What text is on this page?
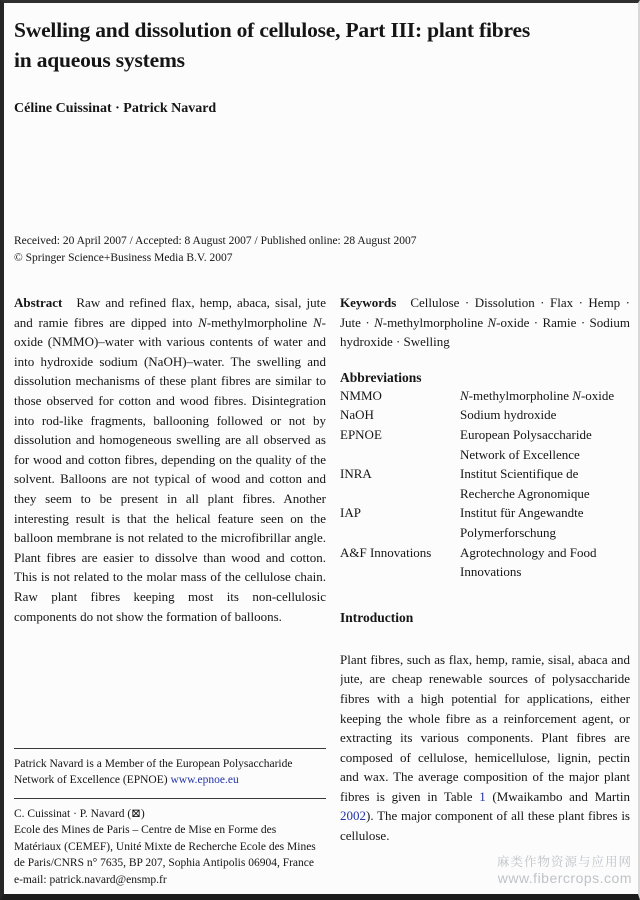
Swelling and dissolution of cellulose, Part III: plant fibres
in aqueous systems
Céline Cuissinat · Patrick Navard
Received: 20 April 2007 / Accepted: 8 August 2007 / Published online: 28 August 2007
© Springer Science+Business Media B.V. 2007

Abstract Raw and refined flax, hemp, abaca, sisal, jute and ramie fibres are dipped into N-methylmorpholine N-oxide (NMMO)–water with various contents of water and into hydroxide sodium (NaOH)–water. The swelling and dissolution mechanisms of these plant fibres are similar to those observed for cotton and wood fibres. Disintegration into rod-like fragments, ballooning followed or not by dissolution and homogeneous swelling are all observed as for wood and cotton fibres, depending on the quality of the solvent. Balloons are not typical of wood and cotton and they seem to be present in all plant fibres. Another interesting result is that the helical feature seen on the balloon membrane is not related to the microfibrillar angle. Plant fibres are easier to dissolve than wood and cotton. This is not related to the molar mass of the cellulose chain. Raw plant fibres keeping most its non-cellulosic components do not show the formation of balloons.

Patrick Navard is a Member of the European Polysaccharide Network of Excellence (EPNOE) www.epnoe.eu

C. Cuissinat · P. Navard (⊠)

Ecole des Mines de Paris – Centre de Mise en Forme des Matériaux (CEMEF), Unité Mixte de Recherche Ecole des Mines de Paris/CNRS n° 7635, BP 207, Sophia Antipolis 06904, France

e-mail: patrick.navard@ensmp.fr

Keywords Cellulose · Dissolution · Flax · Hemp · Jute · N-methylmorpholine N-oxide · Ramie · Sodium hydroxide · Swelling

Abbreviations
NMMO	N-methylmorpholine N-oxide
NaOH	Sodium hydroxide
EPNOE	European Polysaccharide Network of Excellence
INRA	Institut Scientifique de Recherche Agronomique
IAP	Institut für Angewandte Polymerforschung
A&F Innovations	Agrotechnology and Food Innovations
Introduction

Plant fibres, such as flax, hemp, ramie, sisal, abaca and jute, are cheap renewable sources of polysaccharide fibres with a high potential for applications, either keeping the whole fibre as a reinforcement agent, or extracting its various components. Plant fibres are composed of cellulose, hemicellulose, lignin, pectin and wax. The average composition of the major plant fibres is given in Table 1 (Mwaikambo and Martin 2002). The major component of all these plant fibres is cellulose.

麻类作物资源与应用网
www.fibercrops.com
